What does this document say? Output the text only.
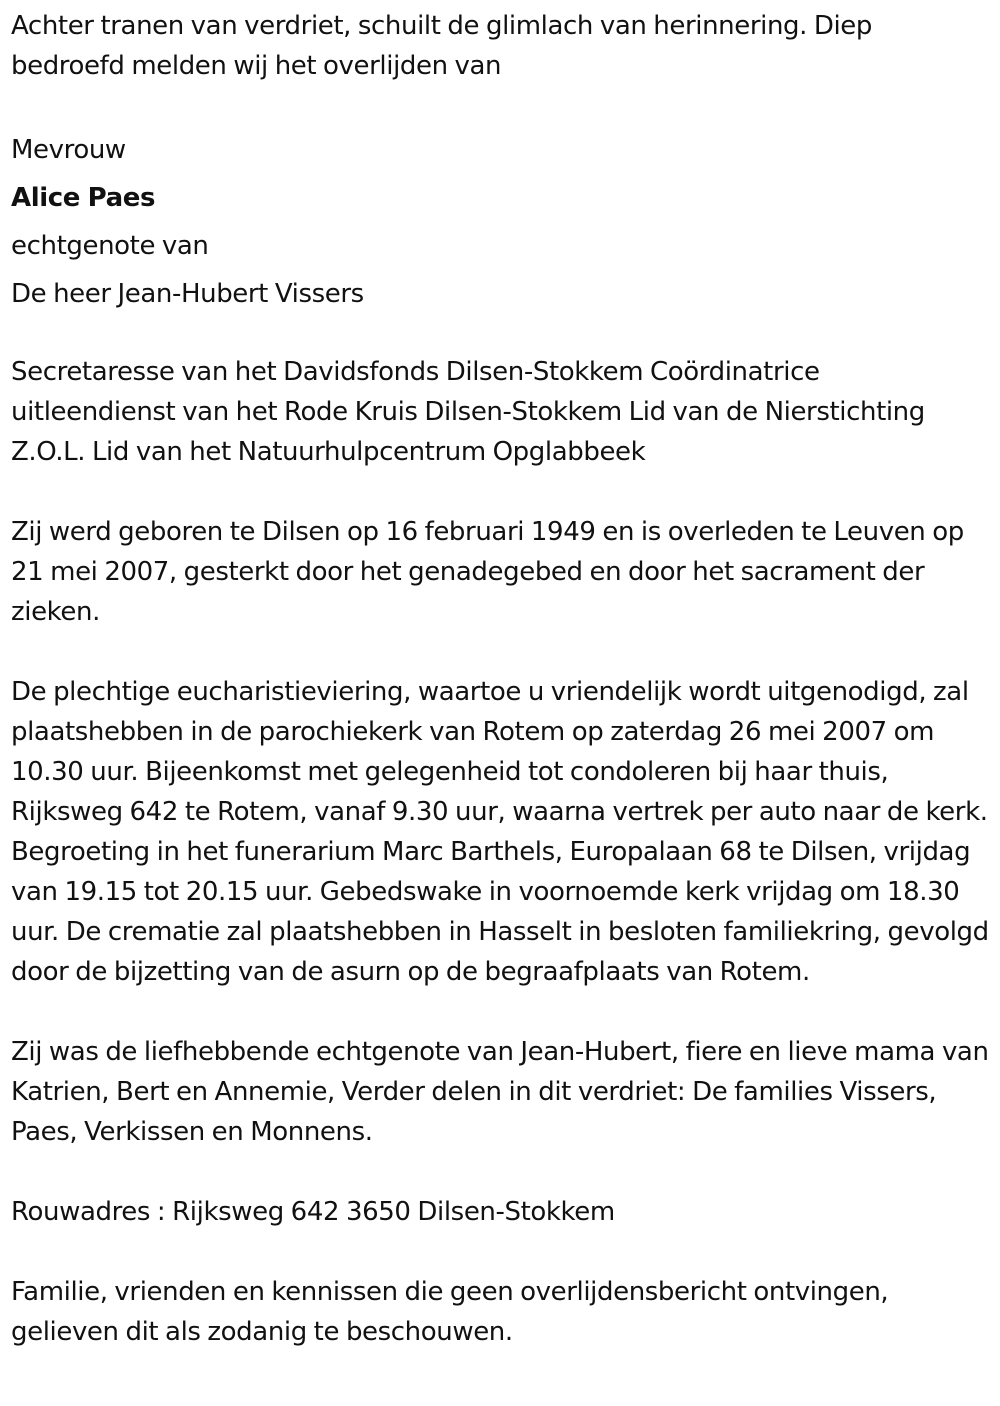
Achter tranen van verdriet, schuilt de glimlach van herinnering. Diep bedroefd melden wij het overlijden van

Mevrouw

Alice Paes

echtgenote van

De heer Jean-Hubert Vissers

Secretaresse van het Davidsfonds Dilsen-Stokkem Coördinatrice uitleendienst van het Rode Kruis Dilsen-Stokkem Lid van de Nierstichting Z.O.L. Lid van het Natuurhulpcentrum Opglabbeek

Zij werd geboren te Dilsen op 16 februari 1949 en is overleden te Leuven op 21 mei 2007, gesterkt door het genadegebed en door het sacrament der zieken.

De plechtige eucharistieviering, waartoe u vriendelijk wordt uitgenodigd, zal plaatshebben in de parochiekerk van Rotem op zaterdag 26 mei 2007 om 10.30 uur. Bijeenkomst met gelegenheid tot condoleren bij haar thuis, Rijksweg 642 te Rotem, vanaf 9.30 uur, waarna vertrek per auto naar de kerk. Begroeting in het funerarium Marc Barthels, Europalaan 68 te Dilsen, vrijdag van 19.15 tot 20.15 uur. Gebedswake in voornoemde kerk vrijdag om 18.30 uur. De crematie zal plaatshebben in Hasselt in besloten familiekring, gevolgd door de bijzetting van de asurn op de begraafplaats van Rotem.

Zij was de liefhebbende echtgenote van Jean-Hubert, fiere en lieve mama van Katrien, Bert en Annemie, Verder delen in dit verdriet: De families Vissers, Paes, Verkissen en Monnens.

Rouwadres : Rijksweg 642 3650 Dilsen-Stokkem

Familie, vrienden en kennissen die geen overlijdensbericht ontvingen, gelieven dit als zodanig te beschouwen.
